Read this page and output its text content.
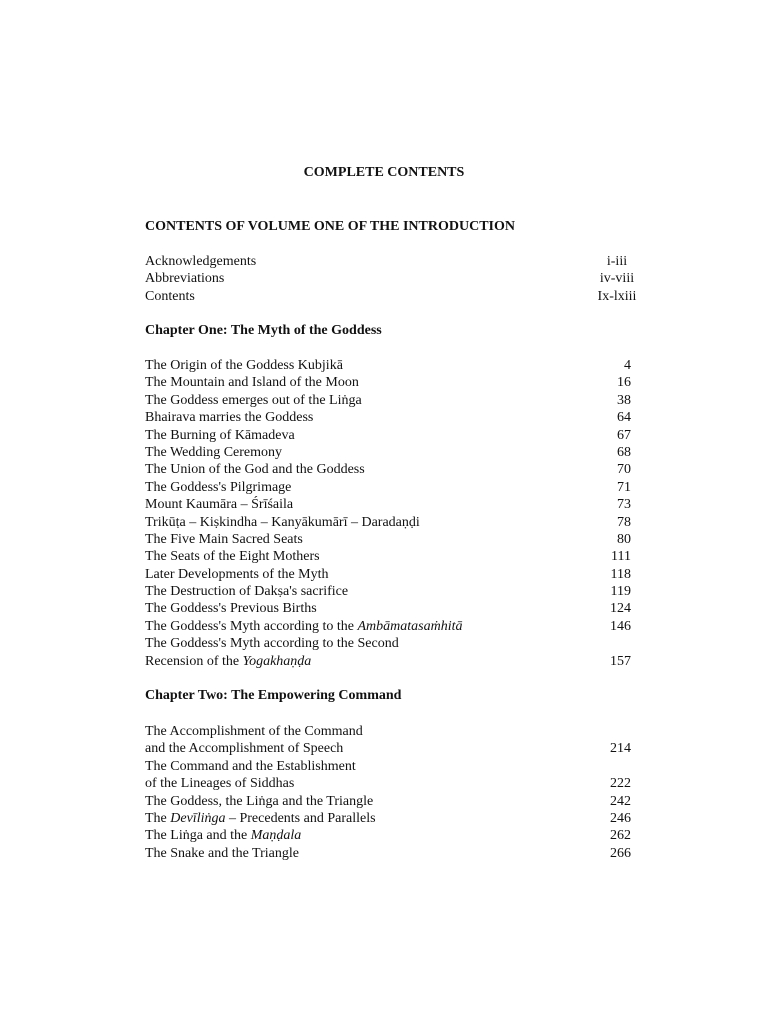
COMPLETE CONTENTS
CONTENTS OF VOLUME ONE OF THE INTRODUCTION
Acknowledgements	i-iii
Abbreviations	iv-viii
Contents	Ix-lxiii
Chapter One: The Myth of the Goddess
The Origin of the Goddess Kubjikā	4
The Mountain and Island of the Moon	16
The Goddess emerges out of the Liṅga	38
Bhairava marries the Goddess	64
The Burning of Kāmadeva	67
The Wedding Ceremony	68
The Union of the God and the Goddess	70
The Goddess's Pilgrimage	71
Mount Kaumāra – Śrīśaila	73
Trikūṭa – Kiṣkindha – Kanyākumārī – Daradaṇḍi	78
The Five Main Sacred Seats	80
The Seats of the Eight Mothers	111
Later Developments of the Myth	118
The Destruction of Dakṣa's sacrifice	119
The Goddess's Previous Births	124
The Goddess's Myth according to the Ambāmatasaṁhitā	146
The Goddess's Myth according to the Second
Recension of the Yogakhaṇḍa	157
Chapter Two: The Empowering Command
The Accomplishment of the Command
and the Accomplishment of Speech	214
The Command and the Establishment
of the Lineages of Siddhas	222
The Goddess, the Liṅga and the Triangle	242
The Devīliṅga – Precedents and Parallels	246
The Liṅga and the Maṇḍala	262
The Snake and the Triangle	266
